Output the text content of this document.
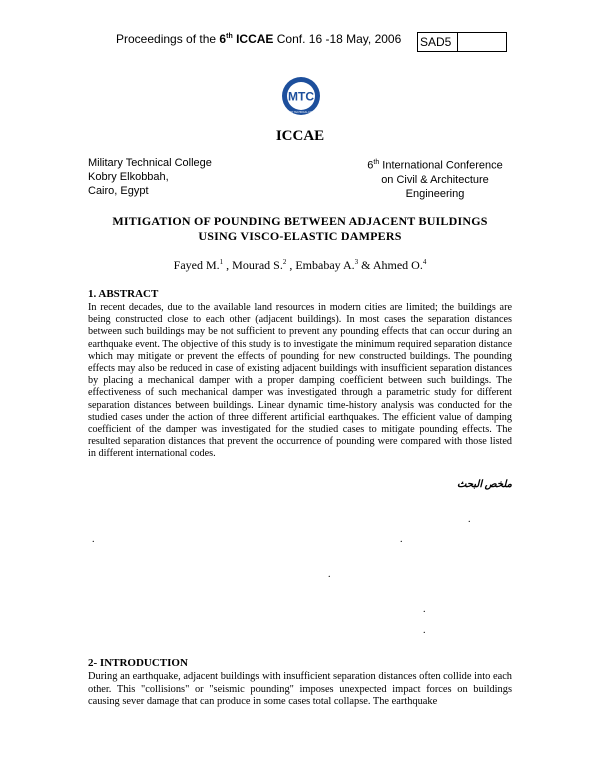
Proceedings of the 6th ICCAE Conf. 16 -18 May, 2006 SAD5
MTC
MILITARY TECHNICAL COLLEGE
ICCAE
Military Technical College
Kobry Elkobbah,
Cairo, Egypt
6th International Conference
on Civil & Architecture
Engineering
MITIGATION OF POUNDING BETWEEN ADJACENT BUILDINGS
USING VISCO-ELASTIC DAMPERS
Fayed M.$^1$ , Mourad S.$^2$ , Embabay A.$^3$ & Ahmed O.$^4$
1. ABSTRACT
In recent decades, due to the available land resources in modern cities are limited; the buildings are being constructed close to each other (adjacent buildings). In most cases the separation distances between such buildings may be not sufficient to prevent any pounding effects that can occur during an earthquake event. The objective of this study is to investigate the minimum required separation distance which may mitigate or prevent the effects of pounding for new constructed buildings. The pounding effects may also be reduced in case of existing adjacent buildings with insufficient separation distances by placing a mechanical damper with a proper damping coefficient between such buildings. The effectiveness of such mechanical damper was investigated through a parametric study for different separation distances between buildings. Linear dynamic time-history analysis was conducted for the studied cases under the action of three different artificial earthquakes. The efficient value of damping coefficient of the damper was investigated for the studied cases to mitigate pounding effects. The resulted separation distances that prevent the occurrence of pounding were compared with those listed in different international codes.
ملخص البحث
.
.	.
.
.
.
2- INTRODUCTION
During an earthquake, adjacent buildings with insufficient separation distances often collide into each other. This "collisions" or "seismic pounding" imposes unexpected impact forces on buildings causing sever damage that can produce in some cases total collapse. The earthquake
